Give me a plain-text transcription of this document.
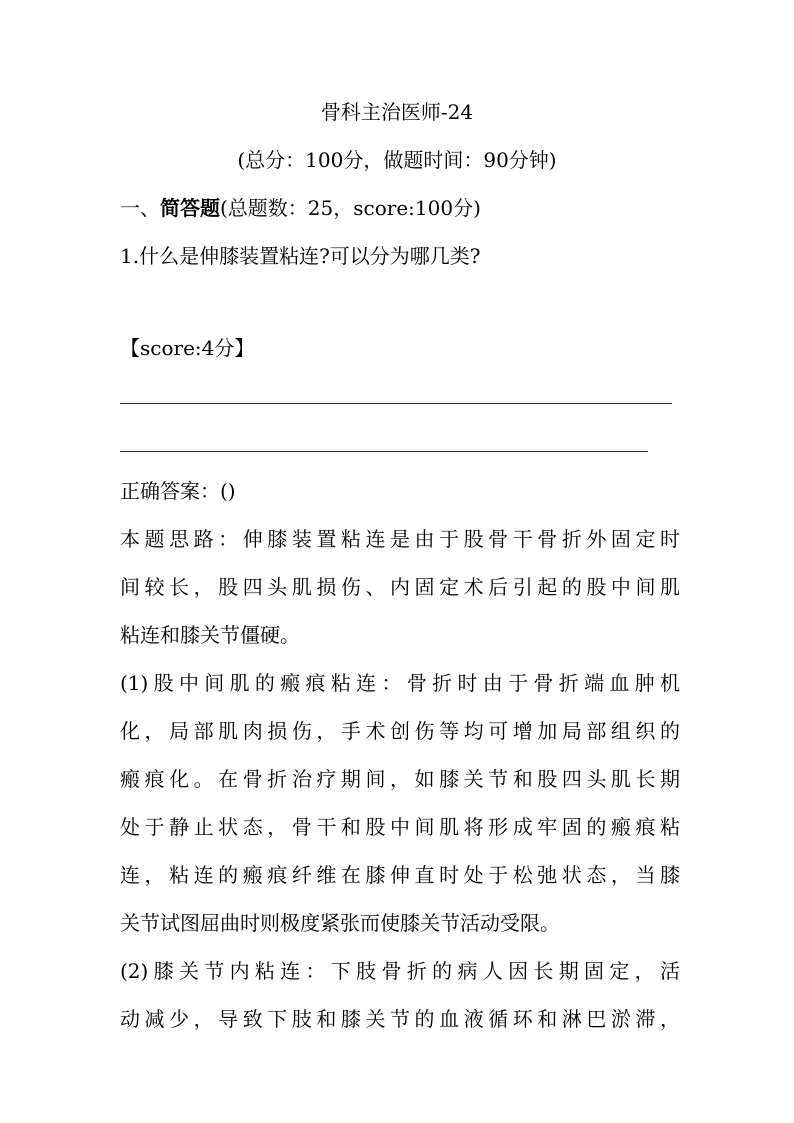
骨科主治医师-24
(总分：100分，做题时间：90分钟)
一、简答题(总题数：25，score:100分)
1.什么是伸膝装置粘连?可以分为哪几类?
【score:4分】
正确答案：()
本题思路：伸膝装置粘连是由于股骨干骨折外固定时
间较长，股四头肌损伤、内固定术后引起的股中间肌
粘连和膝关节僵硬。
(1)股中间肌的瘢痕粘连：骨折时由于骨折端血肿机
化，局部肌肉损伤，手术创伤等均可增加局部组织的
瘢痕化。在骨折治疗期间，如膝关节和股四头肌长期
处于静止状态，骨干和股中间肌将形成牢固的瘢痕粘
连，粘连的瘢痕纤维在膝伸直时处于松弛状态，当膝
关节试图屈曲时则极度紧张而使膝关节活动受限。
(2)膝关节内粘连：下肢骨折的病人因长期固定，活
动减少，导致下肢和膝关节的血液循环和淋巴淤滞，
